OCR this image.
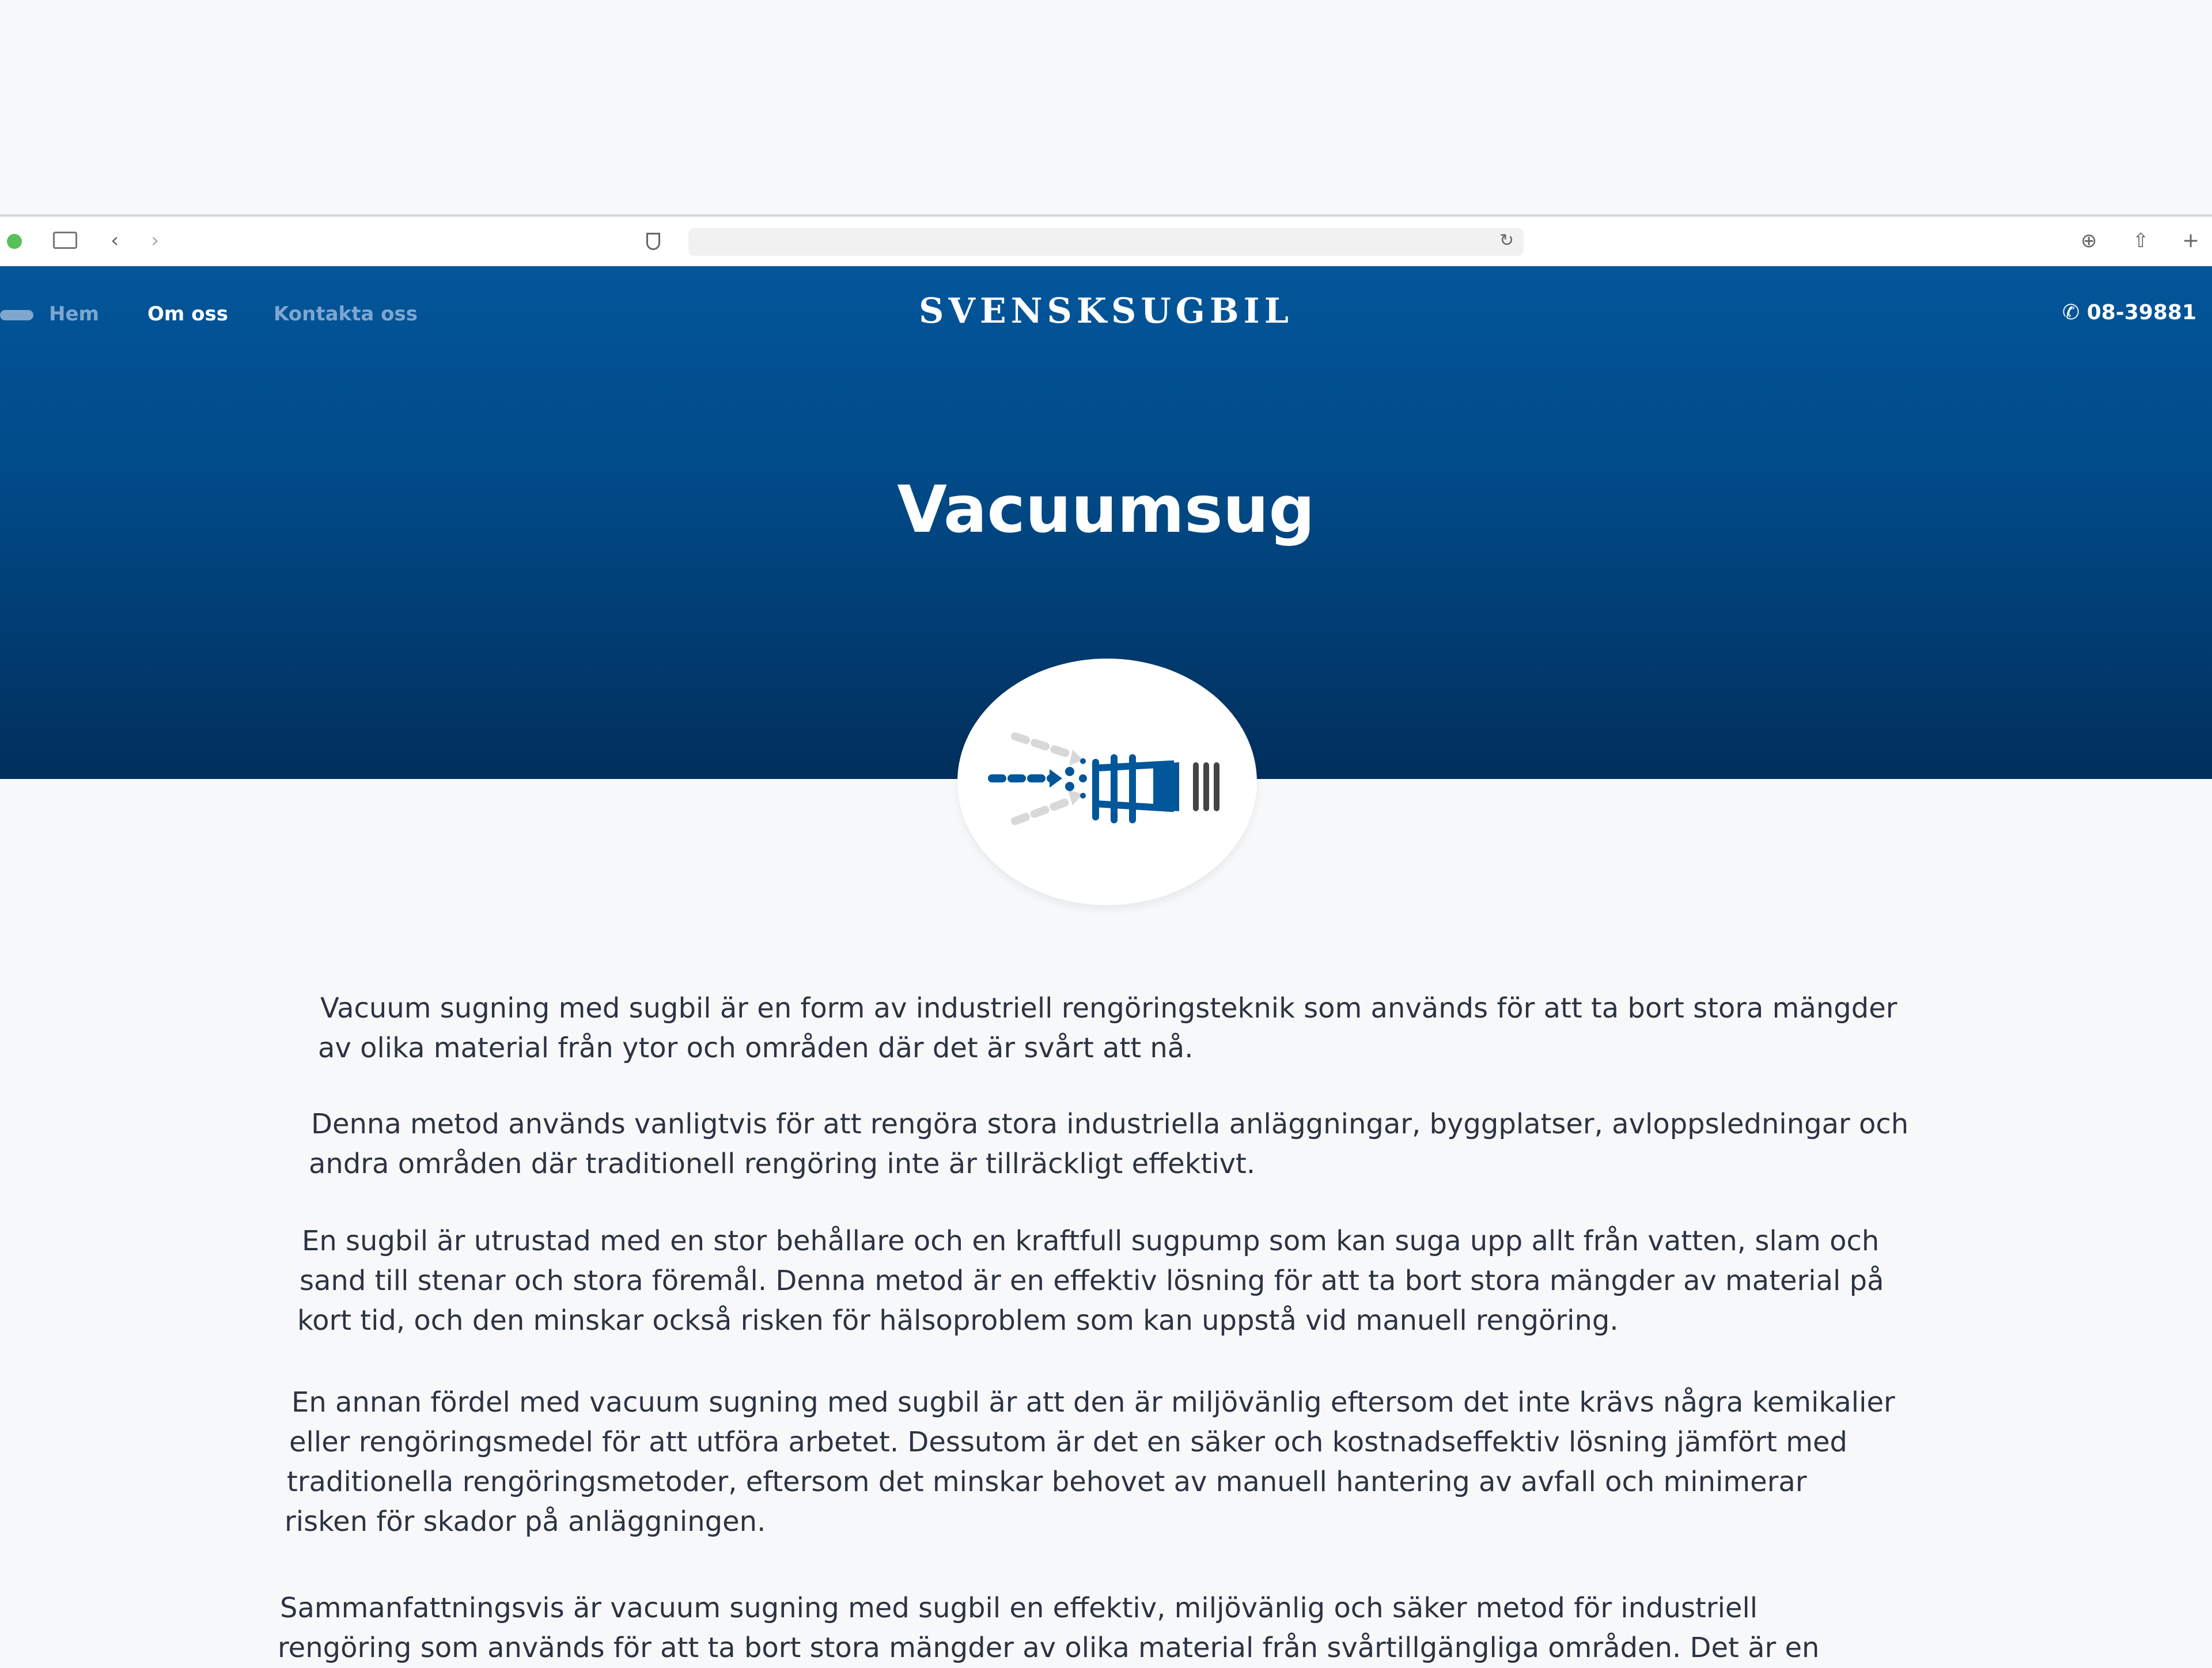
‹ ›	↻	⊕ ⇧ +
Hem Om oss Kontakta oss	SVENSKSUGBIL	✆ 08-39881
Vacuumsug

Vacuum sugning med sugbil är en form av industriell rengöringsteknik som används för att ta bort stora mängder
av olika material från ytor och områden där det är svårt att nå.

Denna metod används vanligtvis för att rengöra stora industriella anläggningar, byggplatser, avloppsledningar och
andra områden där traditionell rengöring inte är tillräckligt effektivt.

En sugbil är utrustad med en stor behållare och en kraftfull sugpump som kan suga upp allt från vatten, slam och
sand till stenar och stora föremål. Denna metod är en effektiv lösning för att ta bort stora mängder av material på
kort tid, och den minskar också risken för hälsoproblem som kan uppstå vid manuell rengöring.

En annan fördel med vacuum sugning med sugbil är att den är miljövänlig eftersom det inte krävs några kemikalier
eller rengöringsmedel för att utföra arbetet. Dessutom är det en säker och kostnadseffektiv lösning jämfört med
traditionella rengöringsmetoder, eftersom det minskar behovet av manuell hantering av avfall och minimerar
risken för skador på anläggningen.

Sammanfattningsvis är vacuum sugning med sugbil en effektiv, miljövänlig och säker metod för industriell
rengöring som används för att ta bort stora mängder av olika material från svårtillgängliga områden. Det är en
